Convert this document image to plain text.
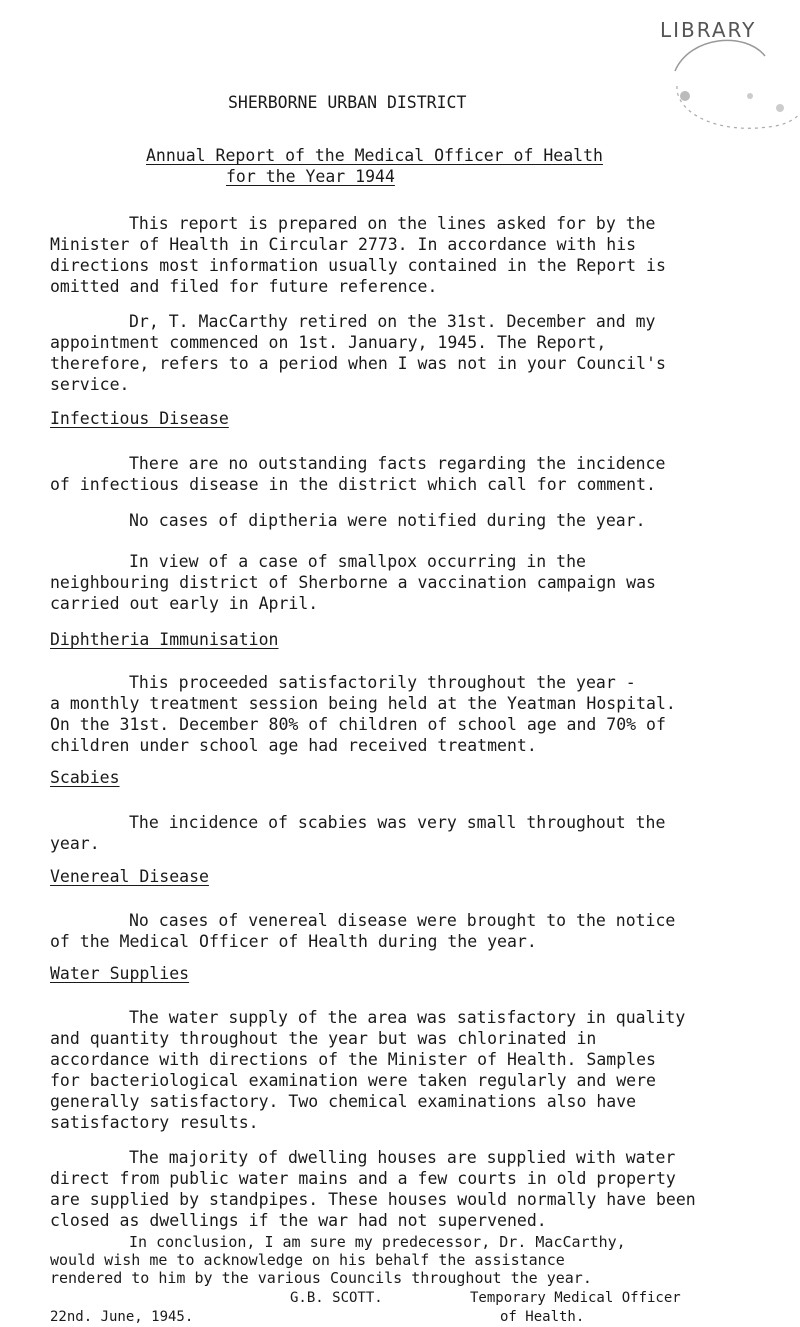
LIBRARY
SHERBORNE URBAN DISTRICT
Annual Report of the Medical Officer of Health
for the Year 1944
This report is prepared on the lines asked for by the
Minister of Health in Circular 2773. In accordance with his
directions most information usually contained in the Report is
omitted and filed for future reference.
Dr, T. MacCarthy retired on the 31st. December and my
appointment commenced on 1st. January, 1945. The Report,
therefore, refers to a period when I was not in your Council's
service.
Infectious Disease
There are no outstanding facts regarding the incidence
of infectious disease in the district which call for comment.
No cases of diptheria were notified during the year.
In view of a case of smallpox occurring in the
neighbouring district of Sherborne a vaccination campaign was
carried out early in April.
Diphtheria Immunisation
This proceeded satisfactorily throughout the year -
a monthly treatment session being held at the Yeatman Hospital.
On the 31st. December 80% of children of school age and 70% of
children under school age had received treatment.
Scabies
The incidence of scabies was very small throughout the
year.
Venereal Disease
No cases of venereal disease were brought to the notice
of the Medical Officer of Health during the year.
Water Supplies
The water supply of the area was satisfactory in quality
and quantity throughout the year but was chlorinated in
accordance with directions of the Minister of Health. Samples
for bacteriological examination were taken regularly and were
generally satisfactory. Two chemical examinations also have
satisfactory results.
The majority of dwelling houses are supplied with water
direct from public water mains and a few courts in old property
are supplied by standpipes. These houses would normally have been
closed as dwellings if the war had not supervened.
In conclusion, I am sure my predecessor, Dr. MacCarthy,
would wish me to acknowledge on his behalf the assistance
rendered to him by the various Councils throughout the year.
G.B. SCOTT.
22nd. June, 1945.
Temporary Medical Officer
of Health.
